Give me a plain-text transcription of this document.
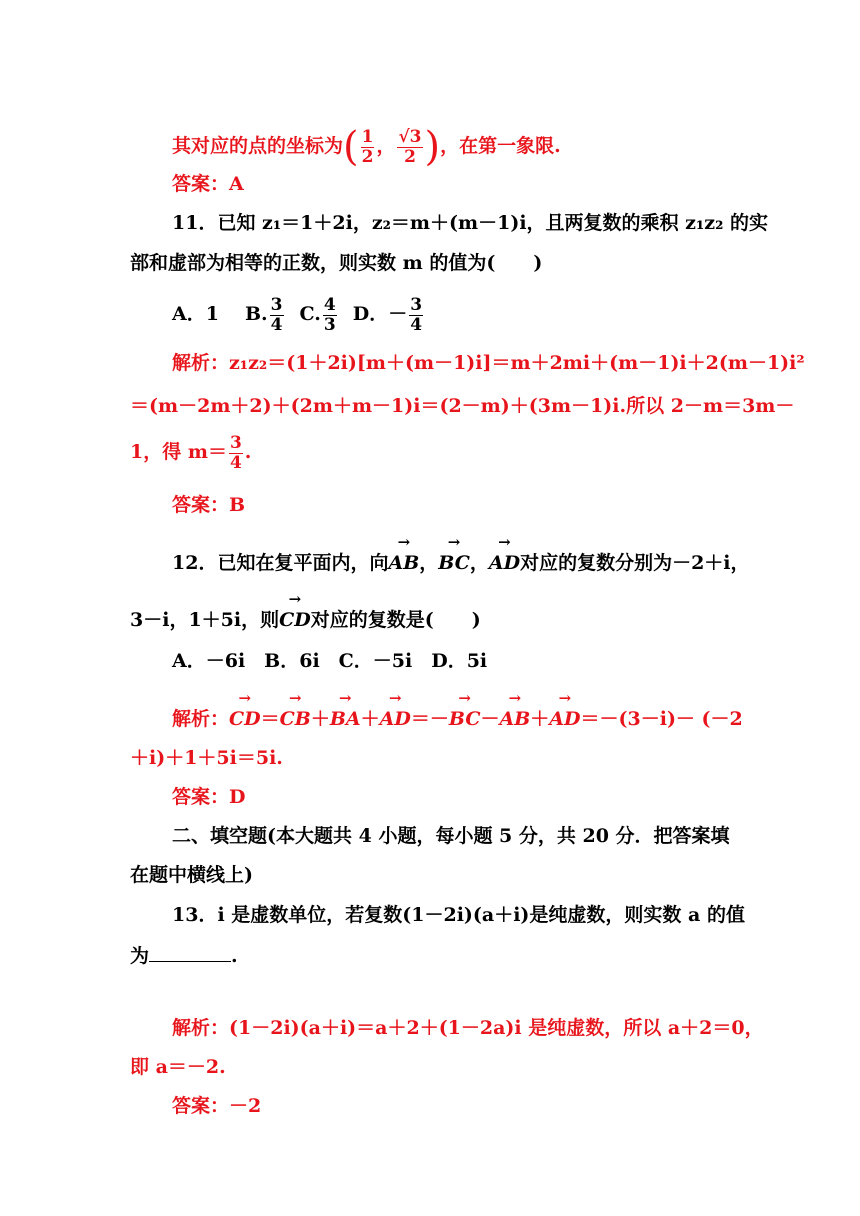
其对应的点的坐标为( $\frac{1}{2}$ ， $\frac{√3}{2}$ )，在第一象限.
答案：A
11．已知 z₁＝1＋2i，z₂＝m＋(m－1)i，且两复数的乘积 z₁z₂ 的实
部和虚部为相等的正数，则实数 m 的值为(　　)
A．1 B. $\frac{3}{4} C$. $\frac{4}{3}$ D．－ $\frac{3}{4}$
解析：z₁z₂＝(1＋2i)[m＋(m－1)i]＝m＋2mi＋(m－1)i＋2(m－1)i²
＝(m－2m＋2)＋(2m＋m－1)i＝(2－m)＋(3m－1)i.所以 2－m＝3m－
1，得 $m= \frac{3}{4}$ .
答案：B
12．已知在复平面内，向→ AB，→ BC，→ AD对应的复数分别为－2＋i，
3－i，1＋5i，则→ CD对应的复数是(　　)
A．－6i　B．6i　C．－5i　D．5i
解析：→ CD＝→ CB＋→ BA＋→ AD＝－→ BC－→ AB＋→ AD＝－(3－i)－ (－2
＋i)＋1＋5i＝5i.
答案：D
二、填空题(本大题共 4 小题，每小题 5 分，共 20 分．把答案填
在题中横线上)
13．i 是虚数单位，若复数(1－2i)(a＋i)是纯虚数，则实数 a 的值
为	.
解析：(1－2i)(a＋i)＝a＋2＋(1－2a)i 是纯虚数，所以 a＋2＝0，
即 a＝－2.
答案：－2
